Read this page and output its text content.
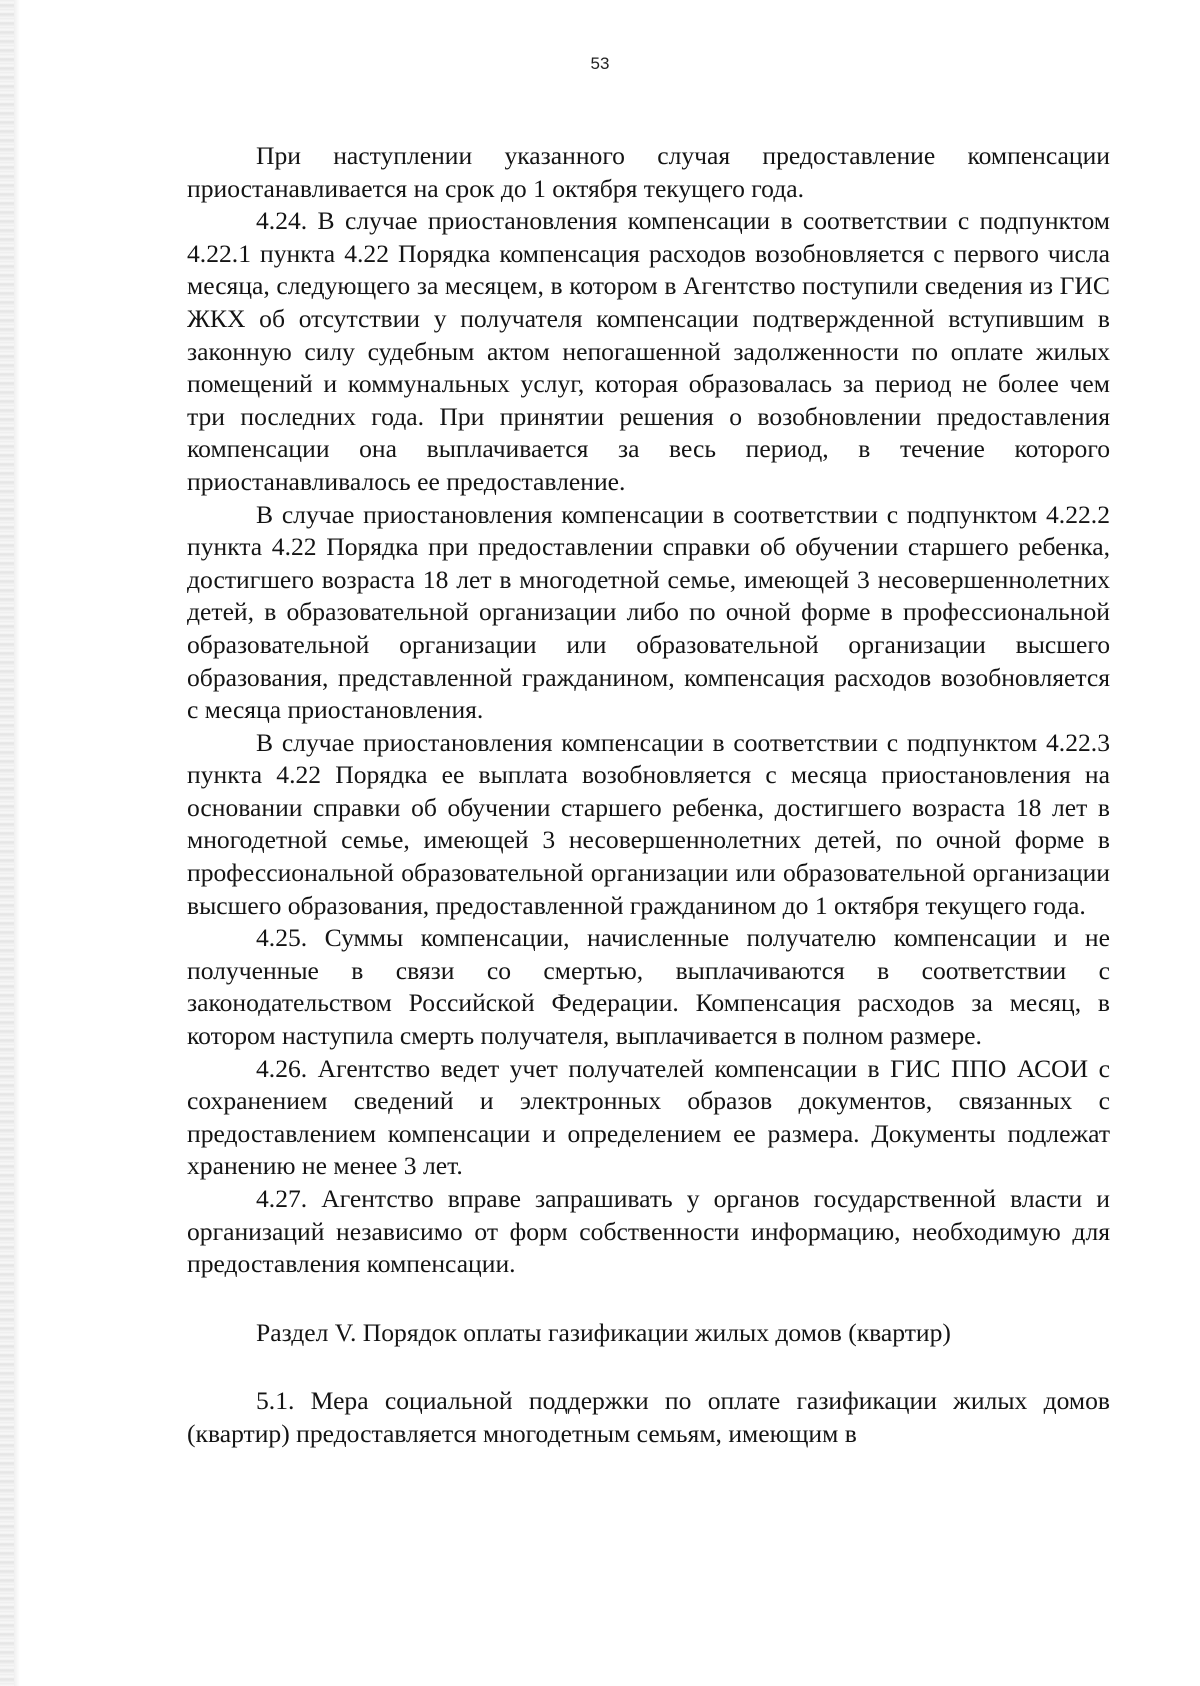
53

При наступлении указанного случая предоставление компенсации приостанавливается на срок до 1 октября текущего года.

4.24. В случае приостановления компенсации в соответствии с подпунктом 4.22.1 пункта 4.22 Порядка компенсация расходов возобновляется с первого числа месяца, следующего за месяцем, в котором в Агентство поступили сведения из ГИС ЖКХ об отсутствии у получателя компенсации подтвержденной вступившим в законную силу судебным актом непогашенной задолженности по оплате жилых помещений и коммунальных услуг, которая образовалась за период не более чем три последних года. При принятии решения о возобновлении предоставления компенсации она выплачивается за весь период, в течение которого приостанавливалось ее предоставление.

В случае приостановления компенсации в соответствии с подпунктом 4.22.2 пункта 4.22 Порядка при предоставлении справки об обучении старшего ребенка, достигшего возраста 18 лет в многодетной семье, имеющей 3 несовершеннолетних детей, в образовательной организации либо по очной форме в профессиональной образовательной организации или образовательной организации высшего образования, представленной гражданином, компенсация расходов возобновляется с месяца приостановления.

В случае приостановления компенсации в соответствии с подпунктом 4.22.3 пункта 4.22 Порядка ее выплата возобновляется с месяца приостановления на основании справки об обучении старшего ребенка, достигшего возраста 18 лет в многодетной семье, имеющей 3 несовершеннолетних детей, по очной форме в профессиональной образовательной организации или образовательной организации высшего образования, предоставленной гражданином до 1 октября текущего года.

4.25. Суммы компенсации, начисленные получателю компенсации и не полученные в связи со смертью, выплачиваются в соответствии с законодательством Российской Федерации. Компенсация расходов за месяц, в котором наступила смерть получателя, выплачивается в полном размере.

4.26. Агентство ведет учет получателей компенсации в ГИС ППО АСОИ с сохранением сведений и электронных образов документов, связанных с предоставлением компенсации и определением ее размера. Документы подлежат хранению не менее 3 лет.

4.27. Агентство вправе запрашивать у органов государственной власти и организаций независимо от форм собственности информацию, необходимую для предоставления компенсации.

Раздел V. Порядок оплаты газификации жилых домов (квартир)

5.1. Мера социальной поддержки по оплате газификации жилых домов (квартир) предоставляется многодетным семьям, имеющим в
